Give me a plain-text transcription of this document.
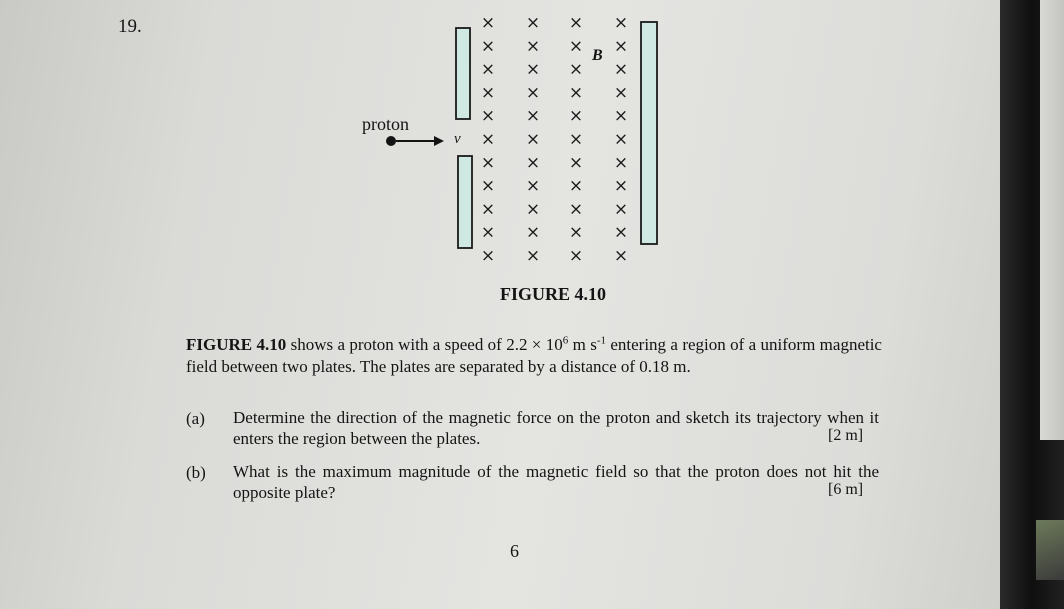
19.	× × × ×
× × × ×
× × × ×
× × × ×
× × × ×
× × × ×
× × × ×
× × × ×
× × × ×
× × × ×
× × × ×
proton
v
B
FIGURE 4.10
FIGURE 4.10 shows a proton with a speed of $2.2 \times 10^6$ m $s^{-1}$ entering a region of a uniform magnetic field between two plates. The plates are separated by a distance of 0.18 m.
(a) Determine the direction of the magnetic force on the proton and sketch its trajectory when it enters the region between the plates.	[2 m]
(b) What is the maximum magnitude of the magnetic field so that the proton does not hit the opposite plate?	[6 m]
6
